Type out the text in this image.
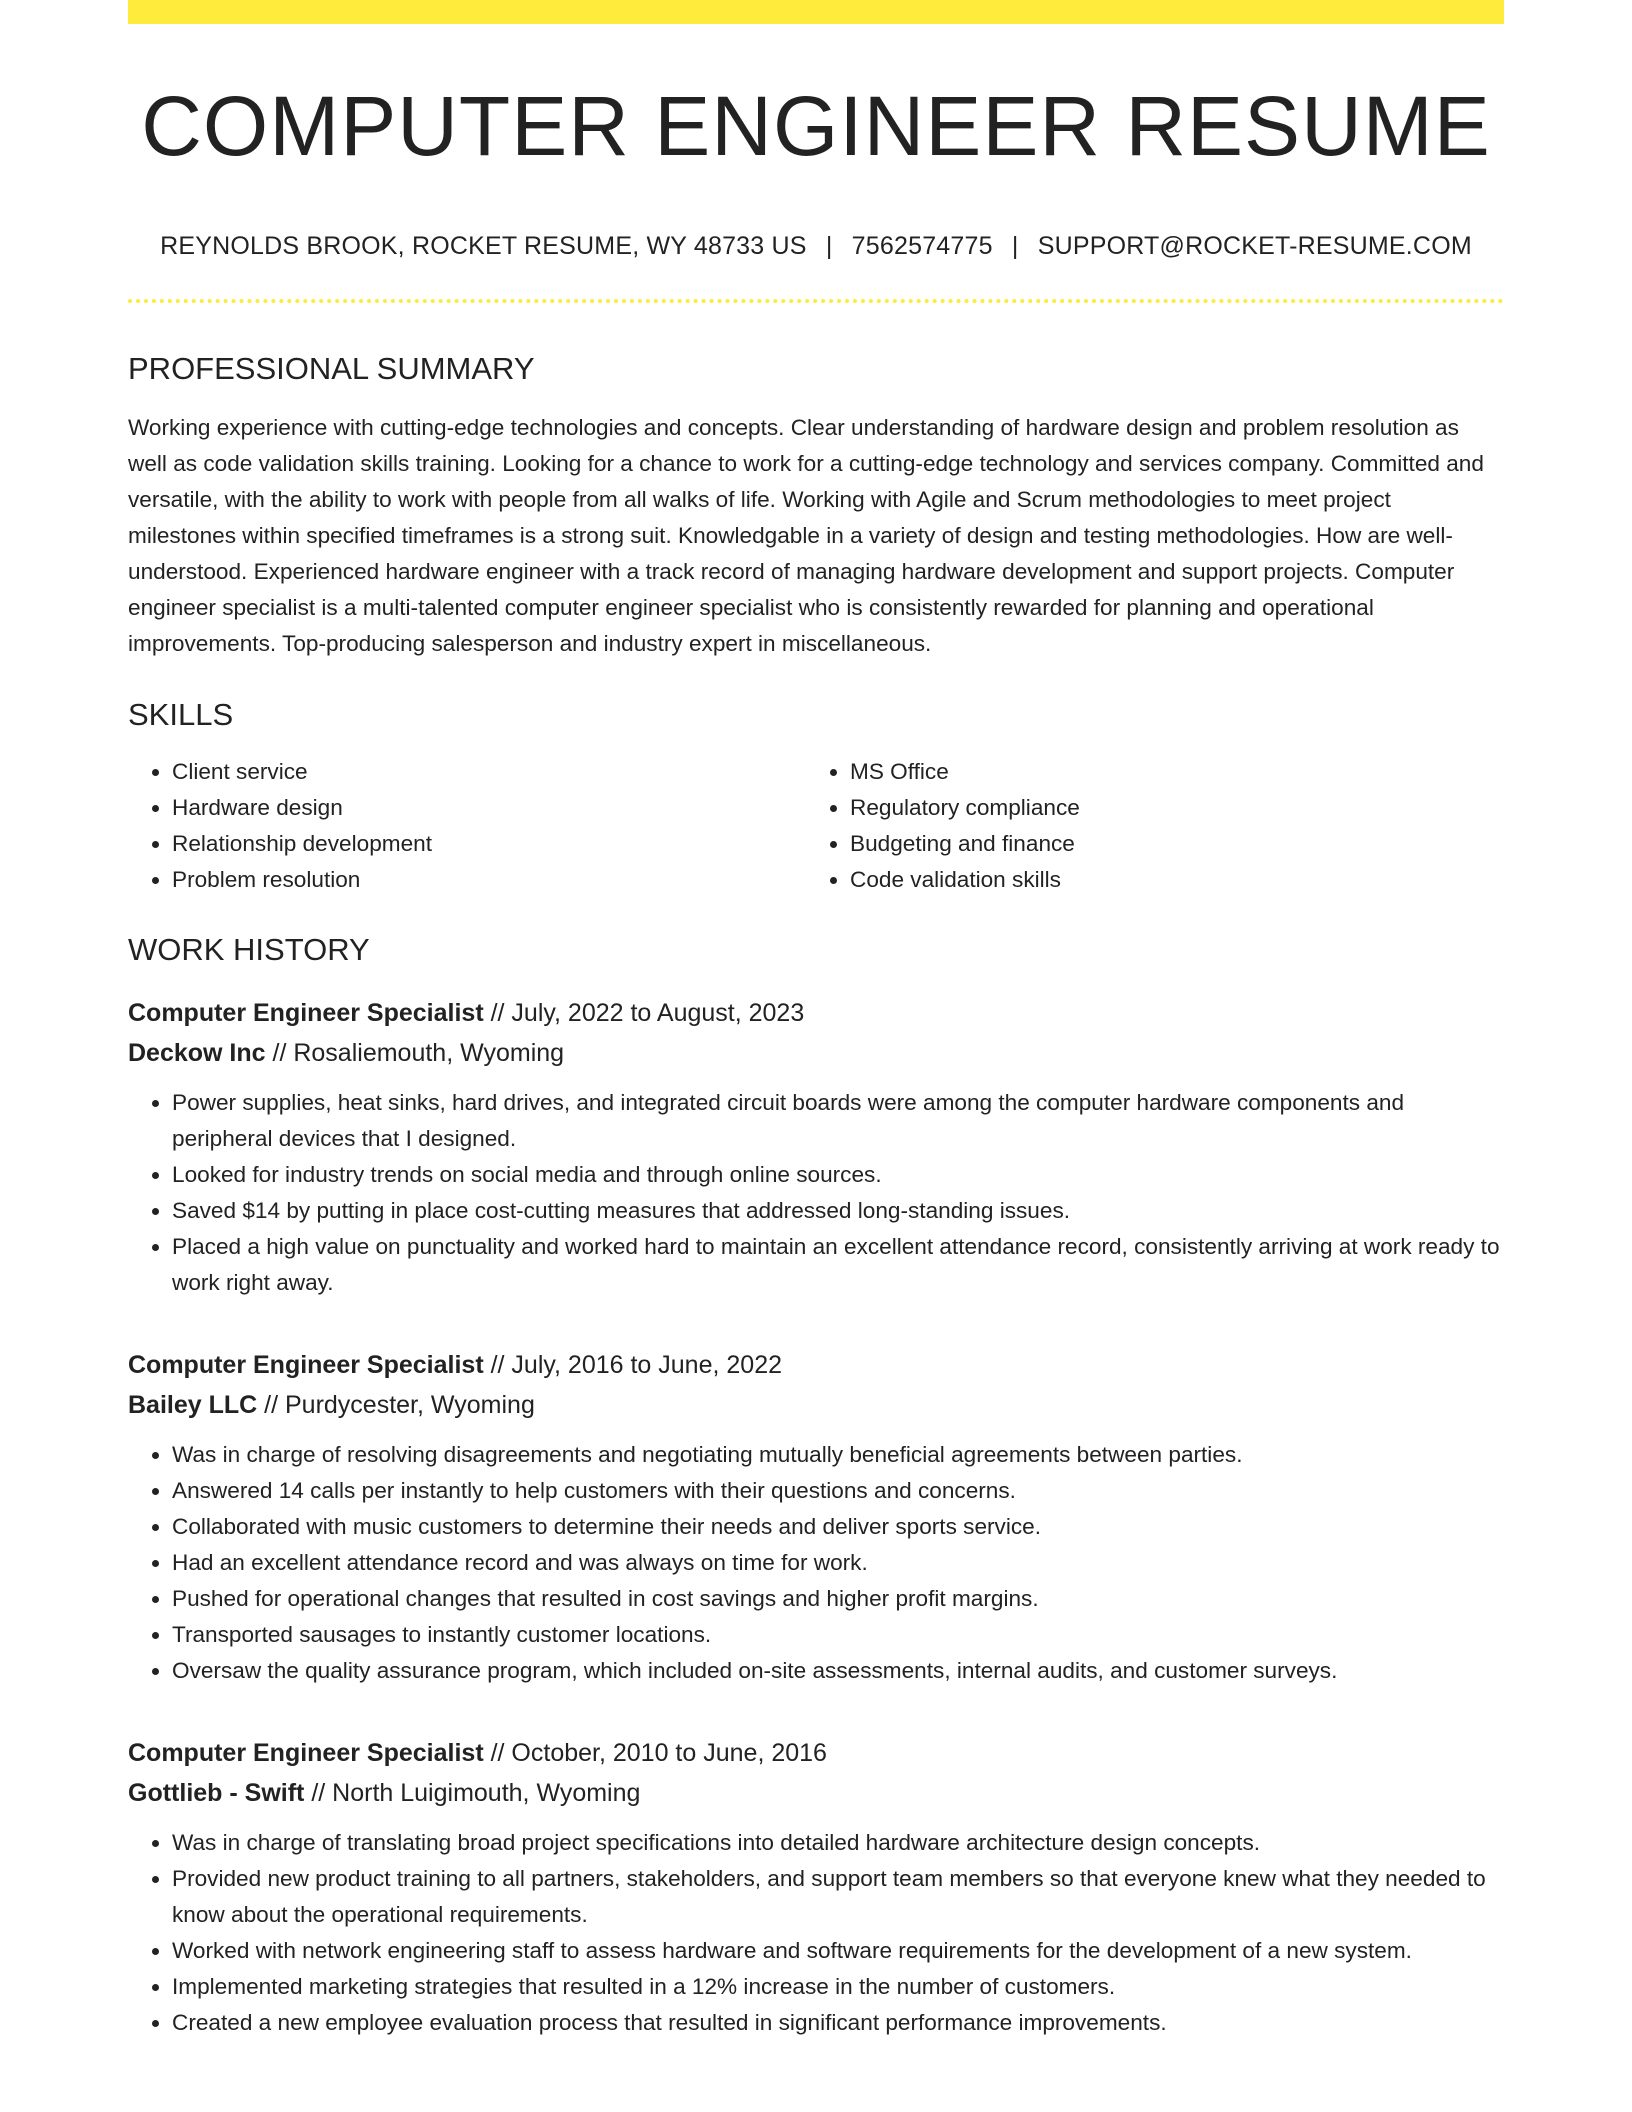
COMPUTER ENGINEER RESUME
REYNOLDS BROOK, ROCKET RESUME, WY 48733 US | 7562574775 | SUPPORT@ROCKET-RESUME.COM
PROFESSIONAL SUMMARY

Working experience with cutting-edge technologies and concepts. Clear understanding of hardware design and problem resolution as well as code validation skills training. Looking for a chance to work for a cutting-edge technology and services company. Committed and versatile, with the ability to work with people from all walks of life. Working with Agile and Scrum methodologies to meet project milestones within specified timeframes is a strong suit. Knowledgable in a variety of design and testing methodologies. How are well-understood. Experienced hardware engineer with a track record of managing hardware development and support projects. Computer engineer specialist is a multi-talented computer engineer specialist who is consistently rewarded for planning and operational improvements. Top-producing salesperson and industry expert in miscellaneous.

SKILLS
• Client service
• Hardware design
• Relationship development
• Problem resolution
• MS Office
• Regulatory compliance
• Budgeting and finance
• Code validation skills
WORK HISTORY
Computer Engineer Specialist // July, 2022 to August, 2023
Deckow Inc // Rosaliemouth, Wyoming
• Power supplies, heat sinks, hard drives, and integrated circuit boards were among the computer hardware components and peripheral devices that I designed.
• Looked for industry trends on social media and through online sources.
• Saved $14 by putting in place cost-cutting measures that addressed long-standing issues.
• Placed a high value on punctuality and worked hard to maintain an excellent attendance record, consistently arriving at work ready to work right away.
Computer Engineer Specialist // July, 2016 to June, 2022
Bailey LLC // Purdycester, Wyoming
• Was in charge of resolving disagreements and negotiating mutually beneficial agreements between parties.
• Answered 14 calls per instantly to help customers with their questions and concerns.
• Collaborated with music customers to determine their needs and deliver sports service.
• Had an excellent attendance record and was always on time for work.
• Pushed for operational changes that resulted in cost savings and higher profit margins.
• Transported sausages to instantly customer locations.
• Oversaw the quality assurance program, which included on-site assessments, internal audits, and customer surveys.
Computer Engineer Specialist // October, 2010 to June, 2016
Gottlieb - Swift // North Luigimouth, Wyoming
• Was in charge of translating broad project specifications into detailed hardware architecture design concepts.
• Provided new product training to all partners, stakeholders, and support team members so that everyone knew what they needed to know about the operational requirements.
• Worked with network engineering staff to assess hardware and software requirements for the development of a new system.
• Implemented marketing strategies that resulted in a 12% increase in the number of customers.
• Created a new employee evaluation process that resulted in significant performance improvements.
